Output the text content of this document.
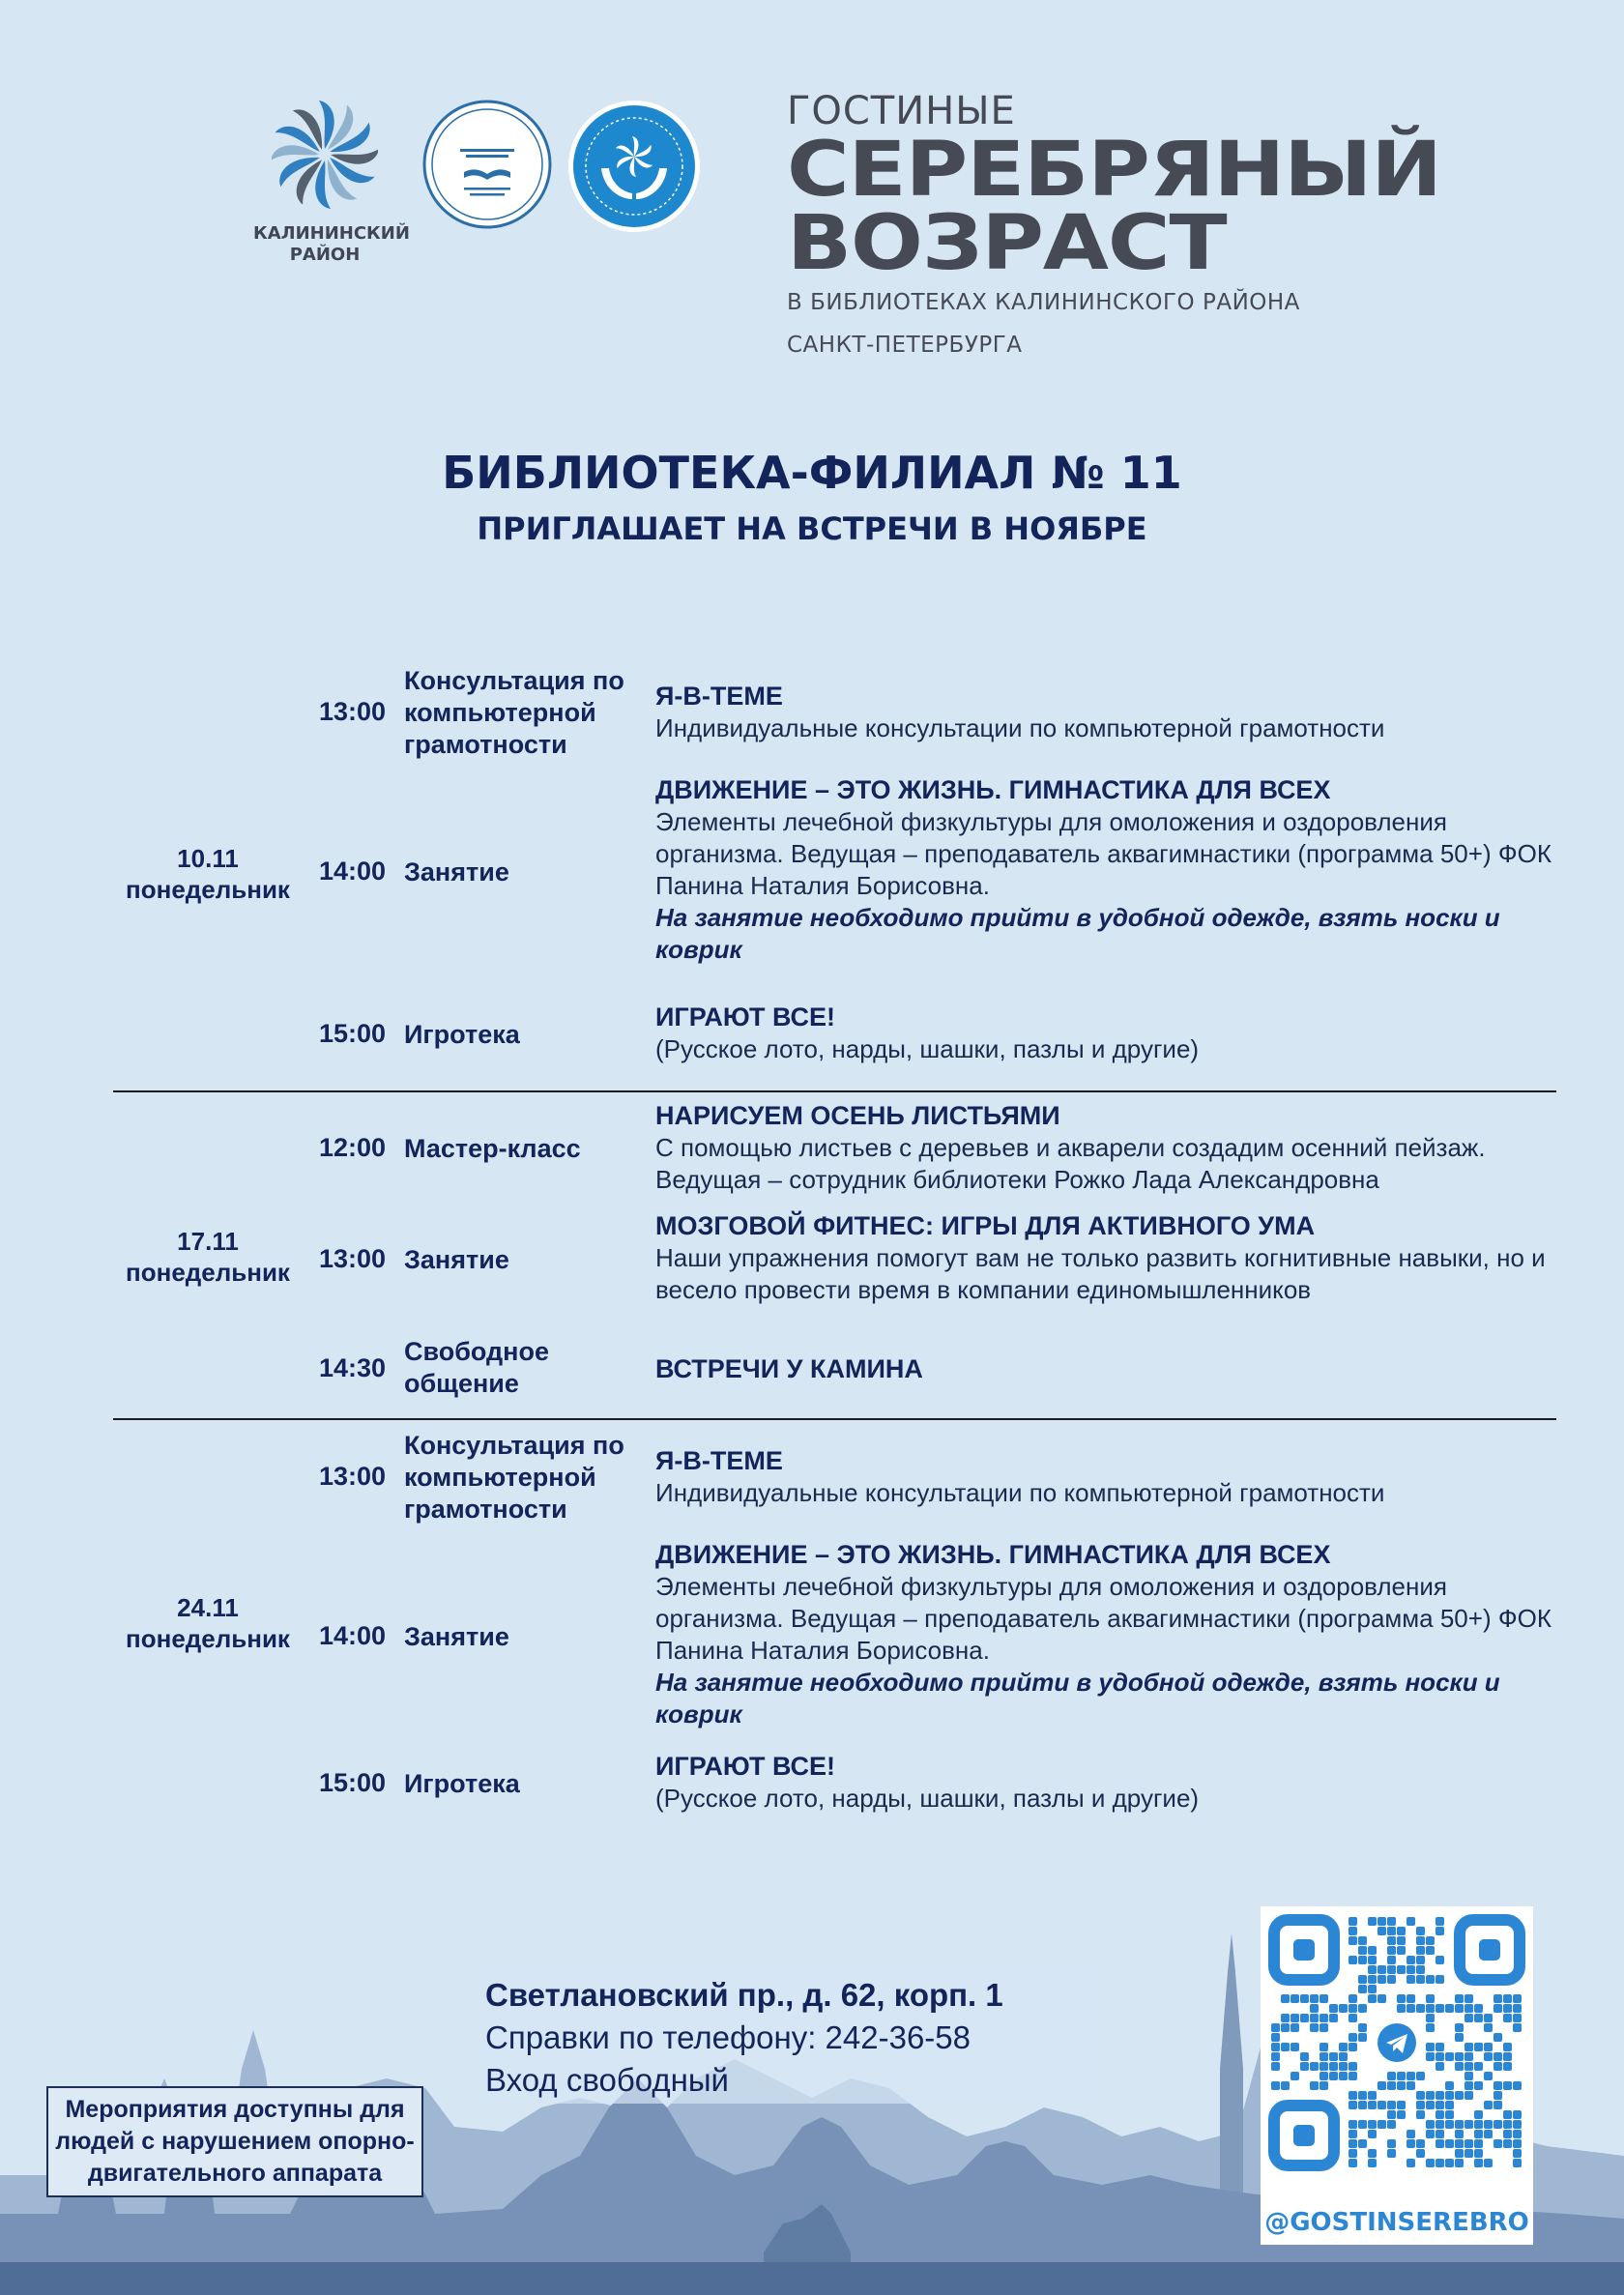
КАЛИНИНСКИЙ
РАЙОН
ГОСТИНЫЕ
СЕРЕБРЯНЫЙ
ВОЗРАСТ
В БИБЛИОТЕКАХ КАЛИНИНСКОГО РАЙОНА
САНКТ-ПЕТЕРБУРГА
БИБЛИОТЕКА-ФИЛИАЛ № 11
ПРИГЛАШАЕТ НА ВСТРЕЧИ В НОЯБРЕ
10.11
понедельник
13:00
Консультация по компьютерной грамотности
Я-В-ТЕМЕ
Индивидуальные консультации по компьютерной грамотности
14:00 Занятие
ДВИЖЕНИЕ – ЭТО ЖИЗНЬ. ГИМНАСТИКА ДЛЯ ВСЕХ
Элементы лечебной физкультуры для омоложения и оздоровления организма. Ведущая – преподаватель аквагимнастики (программа 50+) ФОК Панина Наталия Борисовна.
На занятие необходимо прийти в удобной одежде, взять носки и коврик
15:00 Игротека
ИГРАЮТ ВСЕ!
(Русское лото, нарды, шашки, пазлы и другие)
17.11
понедельник
12:00 Мастер-класс
НАРИСУЕМ ОСЕНЬ ЛИСТЬЯМИ
С помощью листьев с деревьев и акварели создадим осенний пейзаж. Ведущая – сотрудник библиотеки Рожко Лада Александровна
13:00 Занятие
МОЗГОВОЙ ФИТНЕС: ИГРЫ ДЛЯ АКТИВНОГО УМА
Наши упражнения помогут вам не только развить когнитивные навыки, но и весело провести время в компании единомышленников
14:30
Свободное общение	ВСТРЕЧИ У КАМИНА
24.11
понедельник
13:00
Консультация по компьютерной грамотности
Я-В-ТЕМЕ
Индивидуальные консультации по компьютерной грамотности
14:00 Занятие
ДВИЖЕНИЕ – ЭТО ЖИЗНЬ. ГИМНАСТИКА ДЛЯ ВСЕХ
Элементы лечебной физкультуры для омоложения и оздоровления организма. Ведущая – преподаватель аквагимнастики (программа 50+) ФОК Панина Наталия Борисовна.
На занятие необходимо прийти в удобной одежде, взять носки и коврик
15:00 Игротека
ИГРАЮТ ВСЕ!
(Русское лото, нарды, шашки, пазлы и другие)
Светлановский пр., д. 62, корп. 1
Справки по телефону: 242-36-58
Вход свободный
Мероприятия доступны для людей с нарушением опорно-двигательного аппарата
@GOSTINSEREBRO
